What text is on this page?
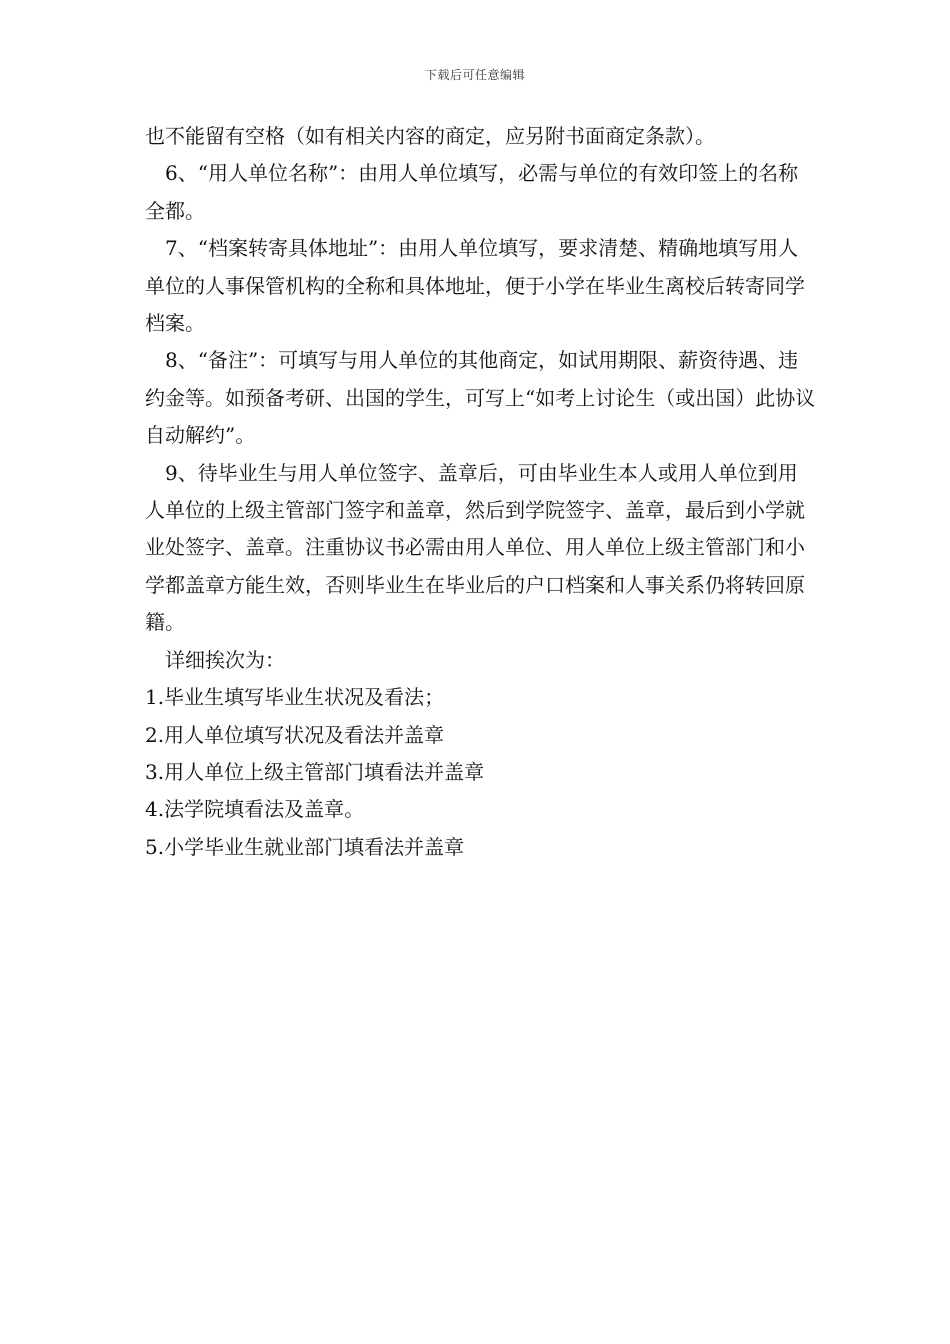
下载后可任意编辑

也不能留有空格（如有相关内容的商定，应另附书面商定条款）。

6、“用人单位名称”：由用人单位填写，必需与单位的有效印签上的名称全都。

7、“档案转寄具体地址”：由用人单位填写，要求清楚、精确地填写用人单位的人事保管机构的全称和具体地址，便于小学在毕业生离校后转寄同学档案。

8、“备注”：可填写与用人单位的其他商定，如试用期限、薪资待遇、违约金等。如预备考研、出国的学生，可写上“如考上讨论生（或出国）此协议自动解约”。

9、待毕业生与用人单位签字、盖章后，可由毕业生本人或用人单位到用人单位的上级主管部门签字和盖章，然后到学院签字、盖章，最后到小学就业处签字、盖章。注重协议书必需由用人单位、用人单位上级主管部门和小学都盖章方能生效，否则毕业生在毕业后的户口档案和人事关系仍将转回原籍。

详细挨次为：

1.毕业生填写毕业生状况及看法；

2.用人单位填写状况及看法并盖章

3.用人单位上级主管部门填看法并盖章

4.法学院填看法及盖章。

5.小学毕业生就业部门填看法并盖章
